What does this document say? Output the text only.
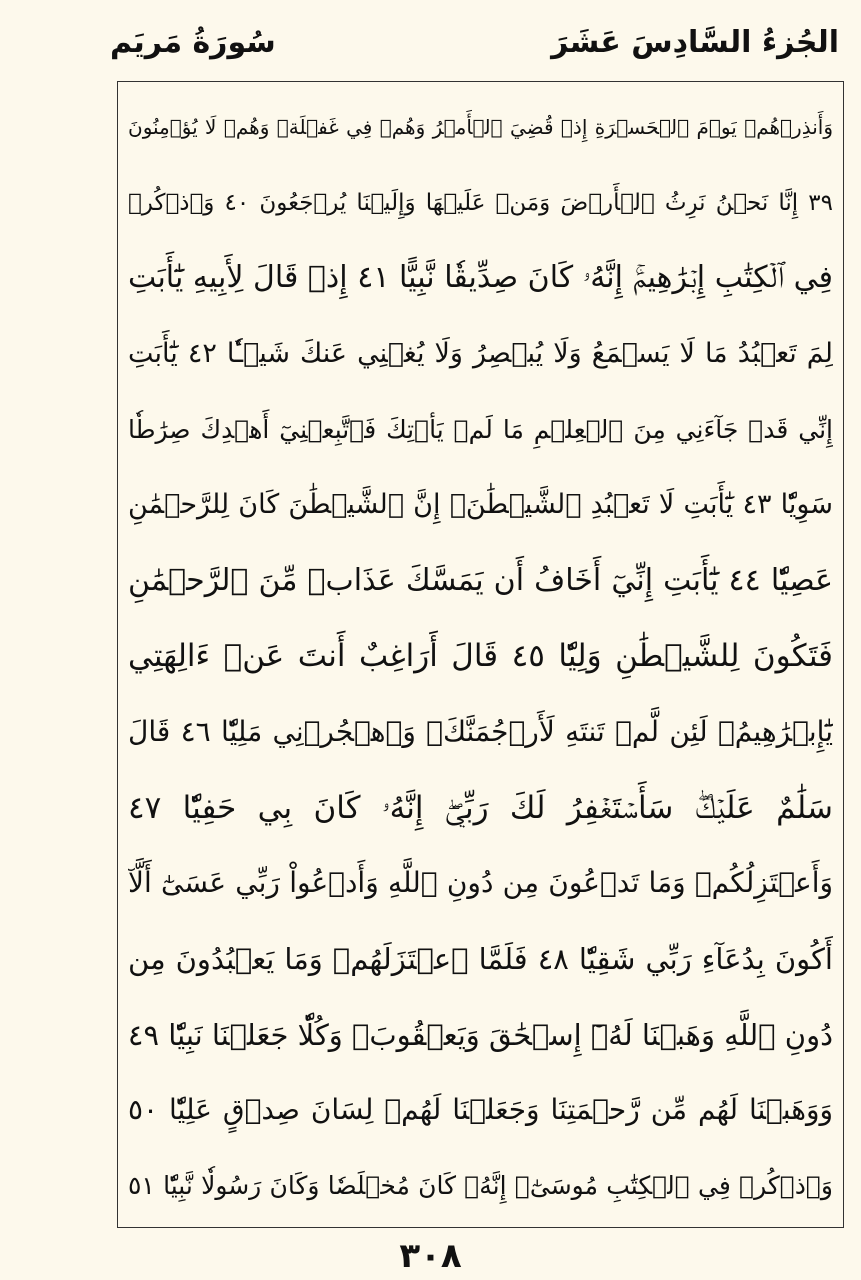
الجُزءُ السَّادِسَ عَشَرَ
سُورَةُ مَريَم
وَأَنذِرۡهُمۡ يَوۡمَ ٱلۡحَسۡرَةِ إِذۡ قُضِيَ ٱلۡأَمۡرُ وَهُمۡ فِي غَفۡلَةٖ وَهُمۡ لَا يُؤۡمِنُونَ
٣٩ إِنَّا نَحۡنُ نَرِثُ ٱلۡأَرۡضَ وَمَنۡ عَلَيۡهَا وَإِلَيۡنَا يُرۡجَعُونَ ٤٠ وَٱذۡكُرۡ
فِي ٱلۡكِتَٰبِ إِبۡرَٰهِيمَۚ إِنَّهُۥ كَانَ صِدِّيقٗا نَّبِيًّا ٤١ إِذۡ قَالَ لِأَبِيهِ يَٰٓأَبَتِ
لِمَ تَعۡبُدُ مَا لَا يَسۡمَعُ وَلَا يُبۡصِرُ وَلَا يُغۡنِي عَنكَ شَيۡـٔٗا ٤٢ يَٰٓأَبَتِ
إِنِّي قَدۡ جَآءَنِي مِنَ ٱلۡعِلۡمِ مَا لَمۡ يَأۡتِكَ فَٱتَّبِعۡنِيٓ أَهۡدِكَ صِرَٰطٗا
سَوِيّٗا ٤٣ يَٰٓأَبَتِ لَا تَعۡبُدِ ٱلشَّيۡطَٰنَۖ إِنَّ ٱلشَّيۡطَٰنَ كَانَ لِلرَّحۡمَٰنِ
عَصِيّٗا ٤٤ يَٰٓأَبَتِ إِنِّيٓ أَخَافُ أَن يَمَسَّكَ عَذَابٞ مِّنَ ٱلرَّحۡمَٰنِ
فَتَكُونَ لِلشَّيۡطَٰنِ وَلِيّٗا ٤٥ قَالَ أَرَاغِبٌ أَنتَ عَنۡ ءَالِهَتِي
يَٰٓإِبۡرَٰهِيمُۖ لَئِن لَّمۡ تَنتَهِ لَأَرۡجُمَنَّكَۖ وَٱهۡجُرۡنِي مَلِيّٗا ٤٦ قَالَ
سَلَٰمٌ عَلَيۡكَۖ سَأَسۡتَغۡفِرُ لَكَ رَبِّيٓۖ إِنَّهُۥ كَانَ بِي حَفِيّٗا ٤٧
وَأَعۡتَزِلُكُمۡ وَمَا تَدۡعُونَ مِن دُونِ ٱللَّهِ وَأَدۡعُواْ رَبِّي عَسَىٰٓ أَلَّآ
أَكُونَ بِدُعَآءِ رَبِّي شَقِيّٗا ٤٨ فَلَمَّا ٱعۡتَزَلَهُمۡ وَمَا يَعۡبُدُونَ مِن
دُونِ ٱللَّهِ وَهَبۡنَا لَهُۥٓ إِسۡحَٰقَ وَيَعۡقُوبَۖ وَكُلّٗا جَعَلۡنَا نَبِيّٗا ٤٩
وَوَهَبۡنَا لَهُم مِّن رَّحۡمَتِنَا وَجَعَلۡنَا لَهُمۡ لِسَانَ صِدۡقٍ عَلِيّٗا ٥٠
وَٱذۡكُرۡ فِي ٱلۡكِتَٰبِ مُوسَىٰٓۚ إِنَّهُۥ كَانَ مُخۡلَصٗا وَكَانَ رَسُولٗا نَّبِيّٗا ٥١
٣٠٨
